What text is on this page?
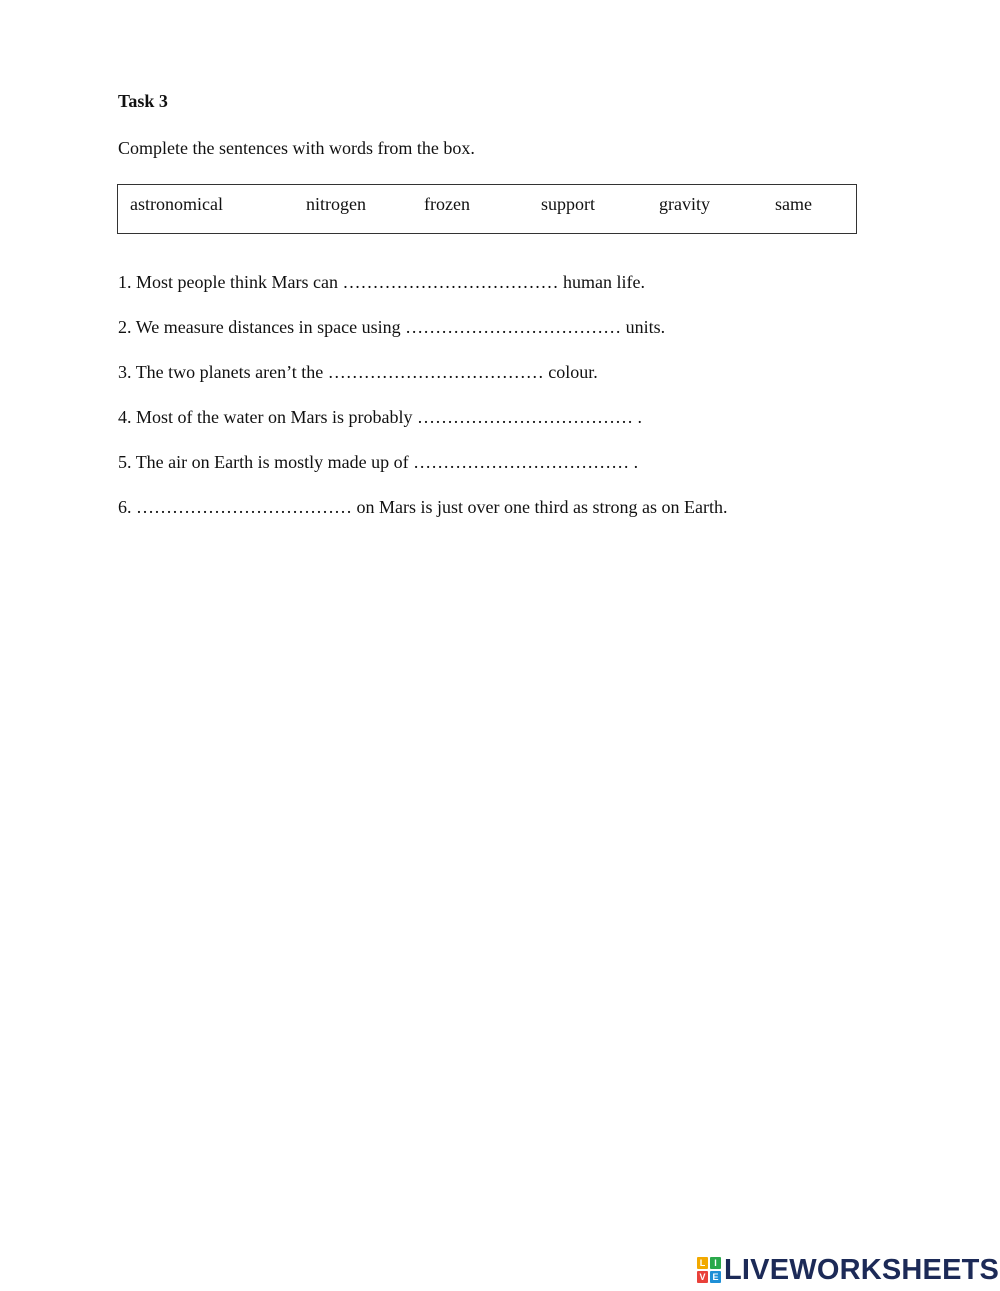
Task 3
Complete the sentences with words from the box.
astronomical	nitrogen	frozen	support	gravity	same
1. Most people think Mars can ……………………………… human life.
2. We measure distances in space using ……………………………… units.
3. The two planets aren’t the ……………………………… colour.
4. Most of the water on Mars is probably ……………………………… .
5. The air on Earth is mostly made up of ……………………………… .
6. ……………………………… on Mars is just over one third as strong as on Earth.
L I
V E LIVEWORKSHEETS
